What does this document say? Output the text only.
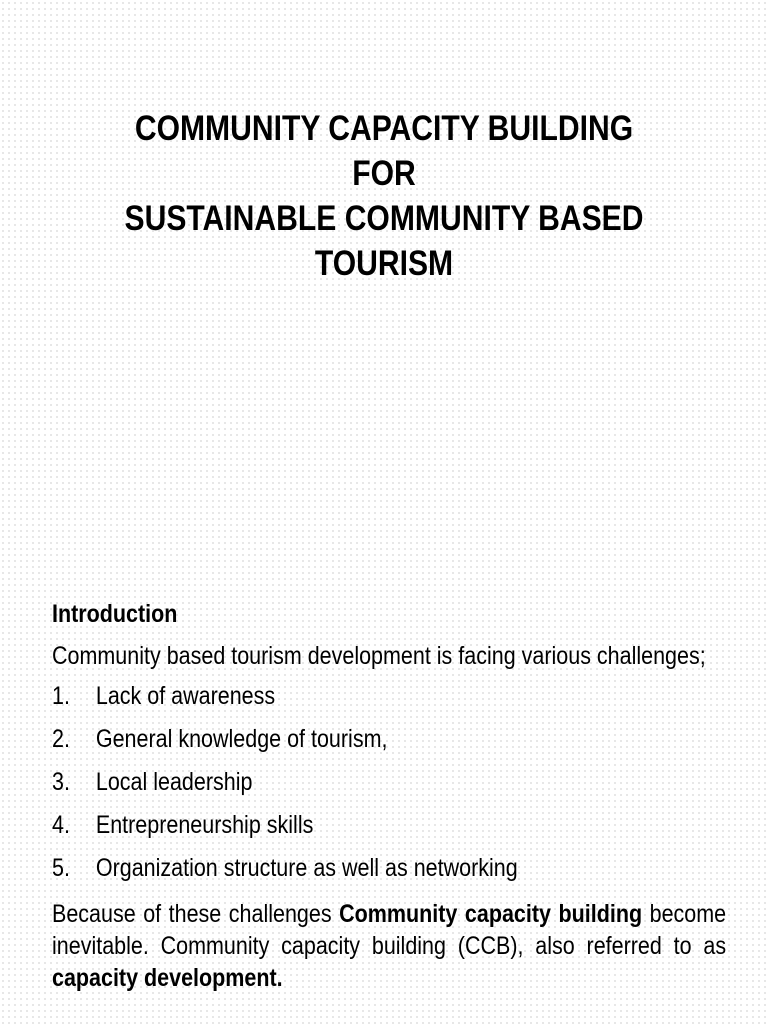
COMMUNITY CAPACITY BUILDING
FOR
SUSTAINABLE COMMUNITY BASED
TOURISM
Introduction

Community based tourism development is facing various challenges;

1. Lack of awareness
2. General knowledge of tourism,
3. Local leadership
4. Entrepreneurship skills
5. Organization structure as well as networking

Because of these challenges Community capacity building become inevitable. Community capacity building (CCB), also referred to as capacity development.
